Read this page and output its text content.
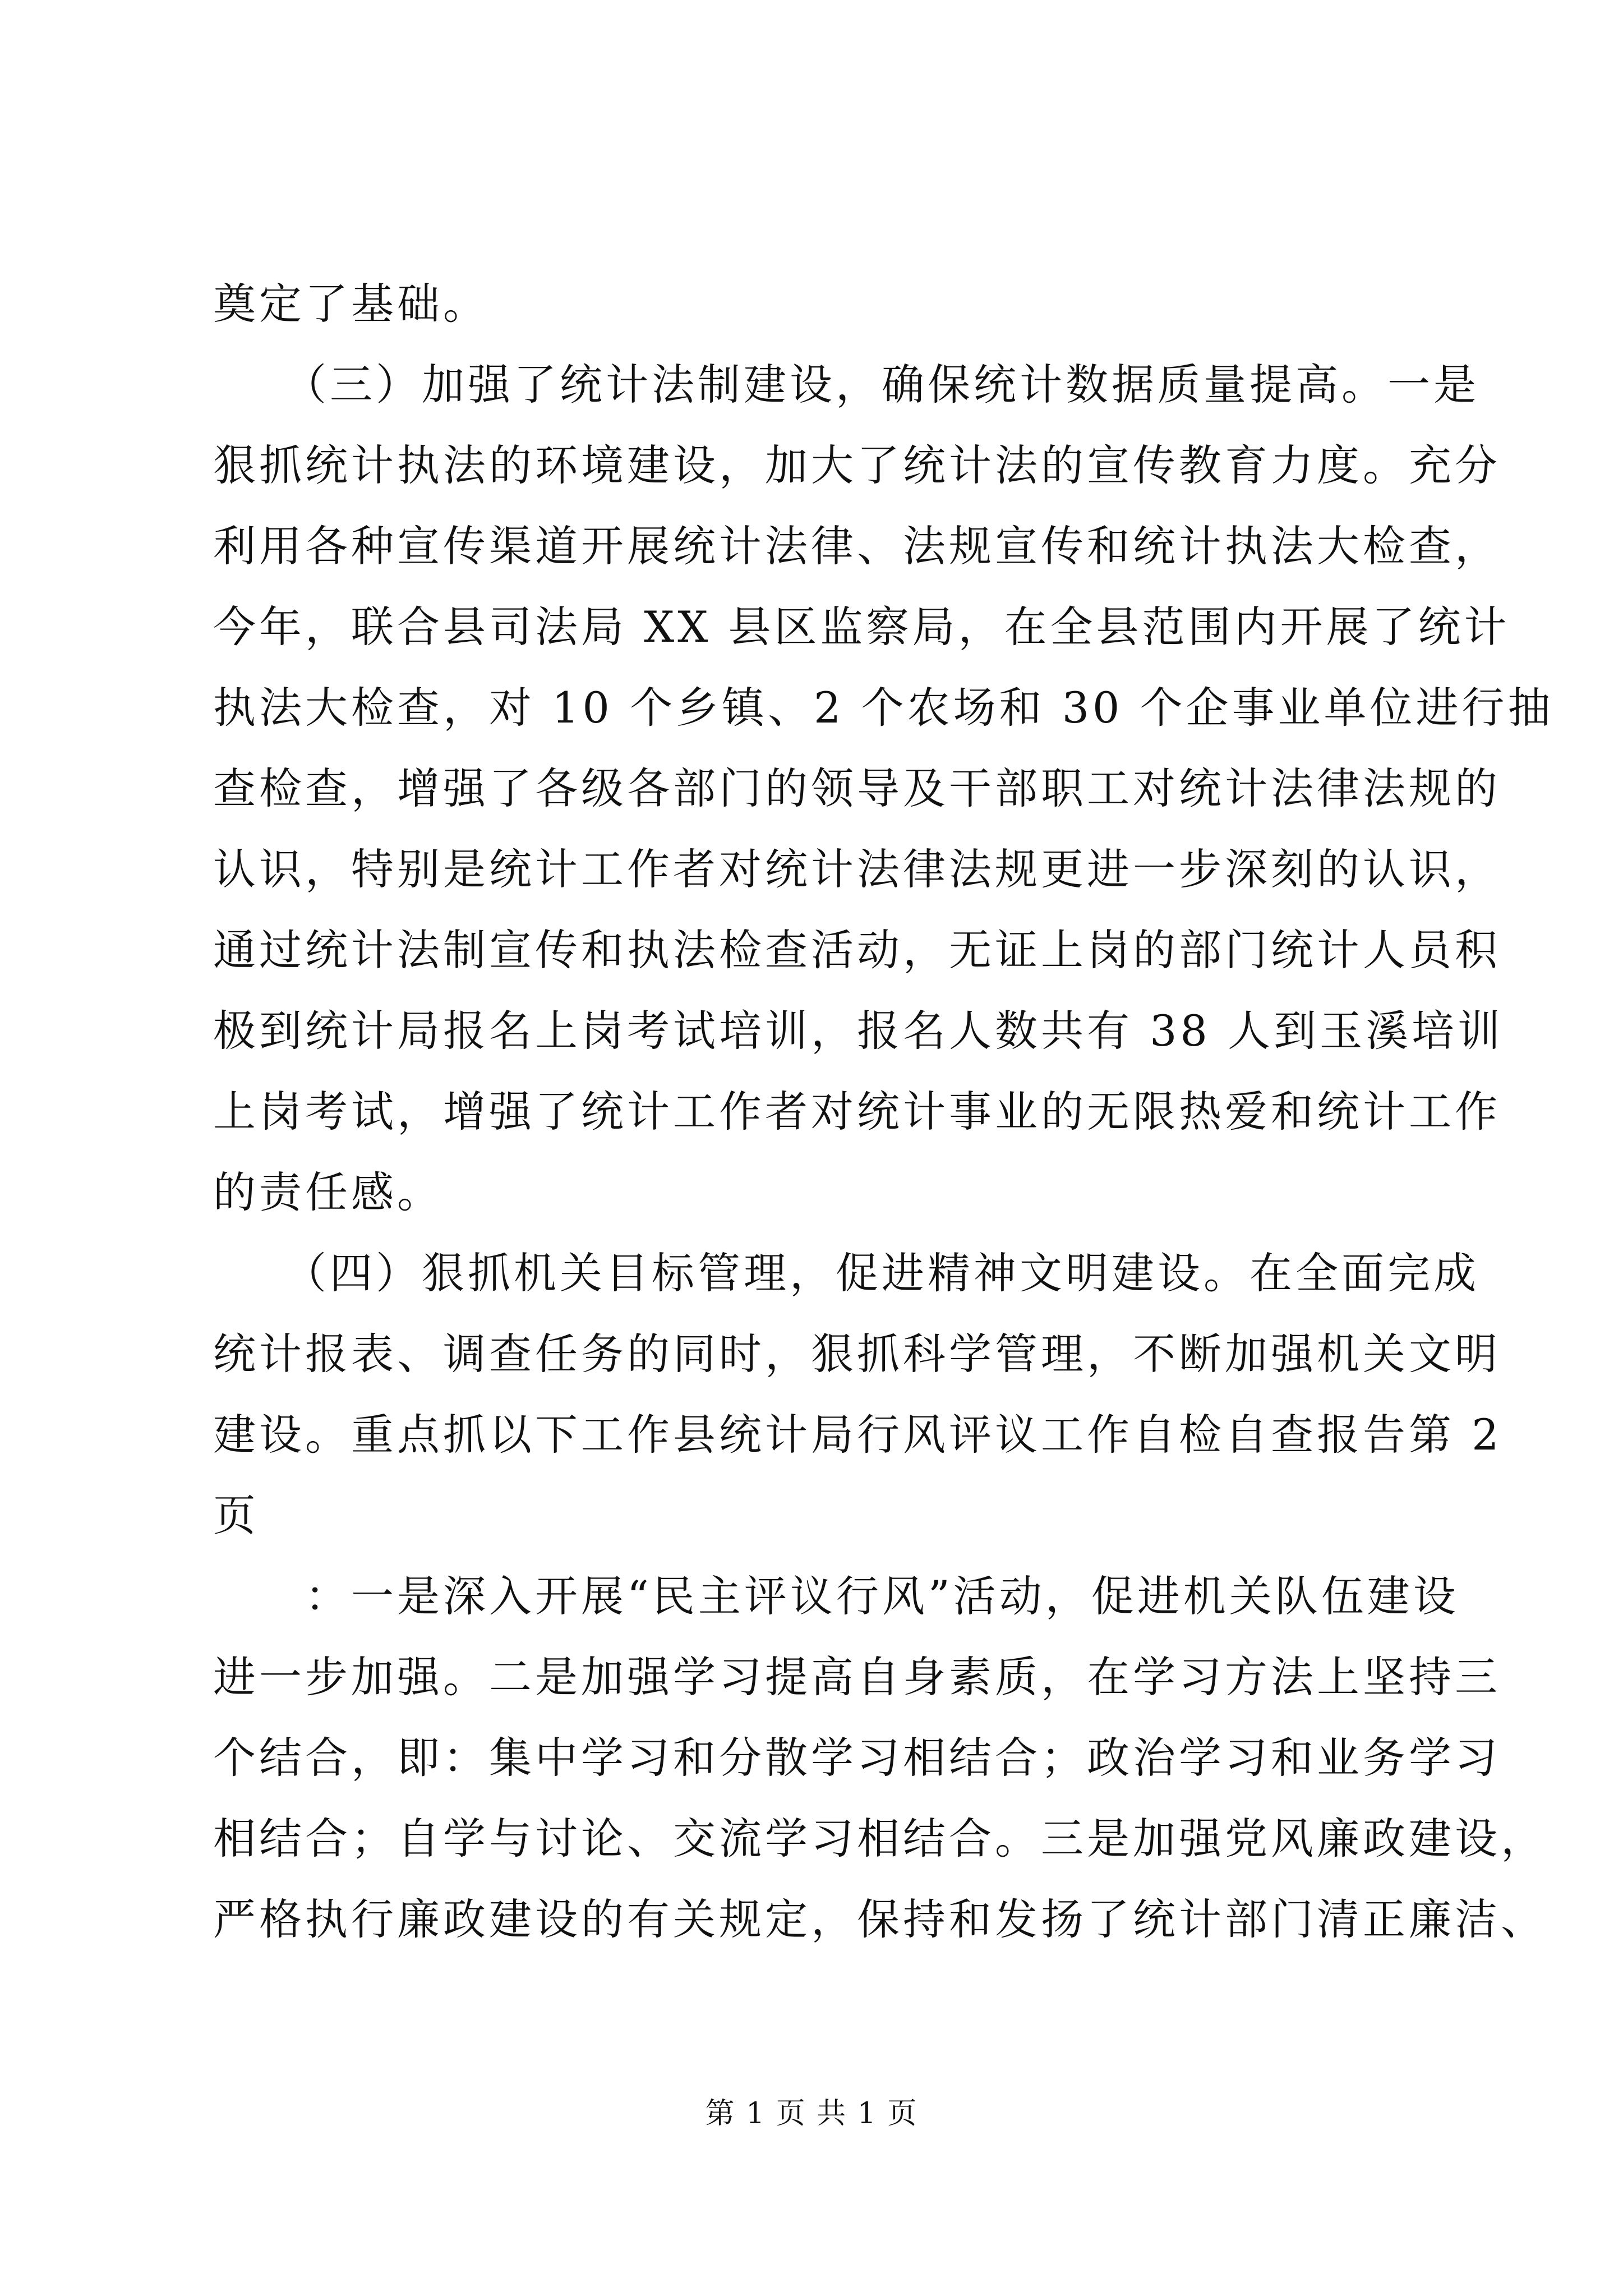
奠定了基础。
　　（三）加强了统计法制建设，确保统计数据质量提高。一是
狠抓统计执法的环境建设，加大了统计法的宣传教育力度。充分
利用各种宣传渠道开展统计法律、法规宣传和统计执法大检查，
今年，联合县司法局 XX 县区监察局，在全县范围内开展了统计
执法大检查，对 10 个乡镇、2 个农场和 30 个企事业单位进行抽
查检查，增强了各级各部门的领导及干部职工对统计法律法规的
认识，特别是统计工作者对统计法律法规更进一步深刻的认识，
通过统计法制宣传和执法检查活动，无证上岗的部门统计人员积
极到统计局报名上岗考试培训，报名人数共有 38 人到玉溪培训
上岗考试，增强了统计工作者对统计事业的无限热爱和统计工作
的责任感。
　　（四）狠抓机关目标管理，促进精神文明建设。在全面完成
统计报表、调查任务的同时，狠抓科学管理，不断加强机关文明
建设。重点抓以下工作县统计局行风评议工作自检自查报告第 2
页
　　：一是深入开展“民主评议行风”活动，促进机关队伍建设
进一步加强。二是加强学习提高自身素质，在学习方法上坚持三
个结合，即：集中学习和分散学习相结合；政治学习和业务学习
相结合；自学与讨论、交流学习相结合。三是加强党风廉政建设，
严格执行廉政建设的有关规定，保持和发扬了统计部门清正廉洁、
第 1 页 共 1 页
